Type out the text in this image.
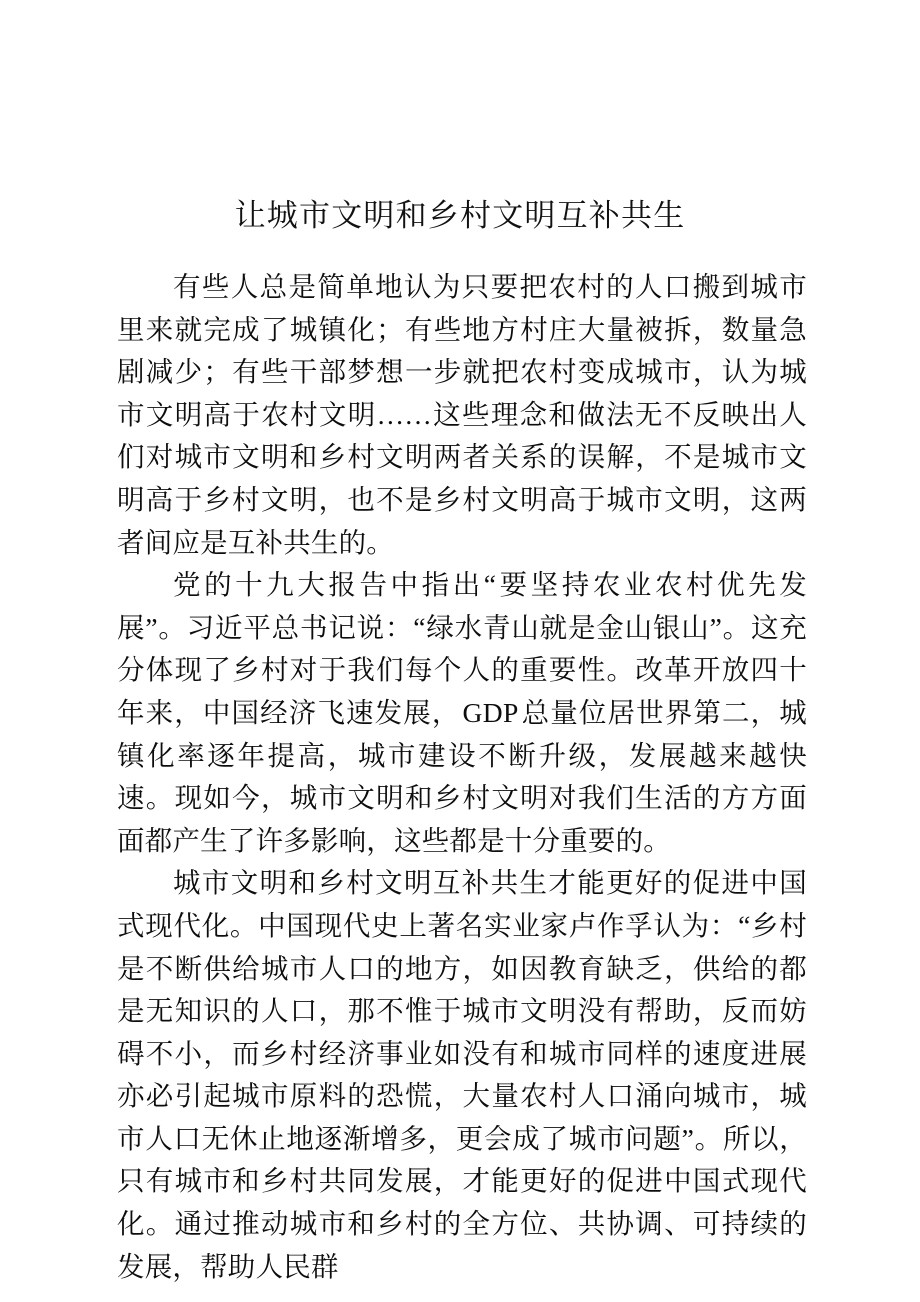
让城市文明和乡村文明互补共生

有些人总是简单地认为只要把农村的人口搬到城市里来就完成了城镇化；有些地方村庄大量被拆，数量急剧减少；有些干部梦想一步就把农村变成城市，认为城市文明高于农村文明……这些理念和做法无不反映出人们对城市文明和乡村文明两者关系的误解，不是城市文明高于乡村文明，也不是乡村文明高于城市文明，这两者间应是互补共生的。

党的十九大报告中指出“要坚持农业农村优先发展”。习近平总书记说：“绿水青山就是金山银山”。这充分体现了乡村对于我们每个人的重要性。改革开放四十年来，中国经济飞速发展，GDP总量位居世界第二，城镇化率逐年提高，城市建设不断升级，发展越来越快速。现如今，城市文明和乡村文明对我们生活的方方面面都产生了许多影响，这些都是十分重要的。

城市文明和乡村文明互补共生才能更好的促进中国式现代化。中国现代史上著名实业家卢作孚认为：“乡村是不断供给城市人口的地方，如因教育缺乏，供给的都是无知识的人口，那不惟于城市文明没有帮助，反而妨碍不小，而乡村经济事业如没有和城市同样的速度进展亦必引起城市原料的恐慌，大量农村人口涌向城市，城市人口无休止地逐渐增多，更会成了城市问题”。所以，只有城市和乡村共同发展，才能更好的促进中国式现代化。通过推动城市和乡村的全方位、共协调、可持续的发展，帮助人民群
